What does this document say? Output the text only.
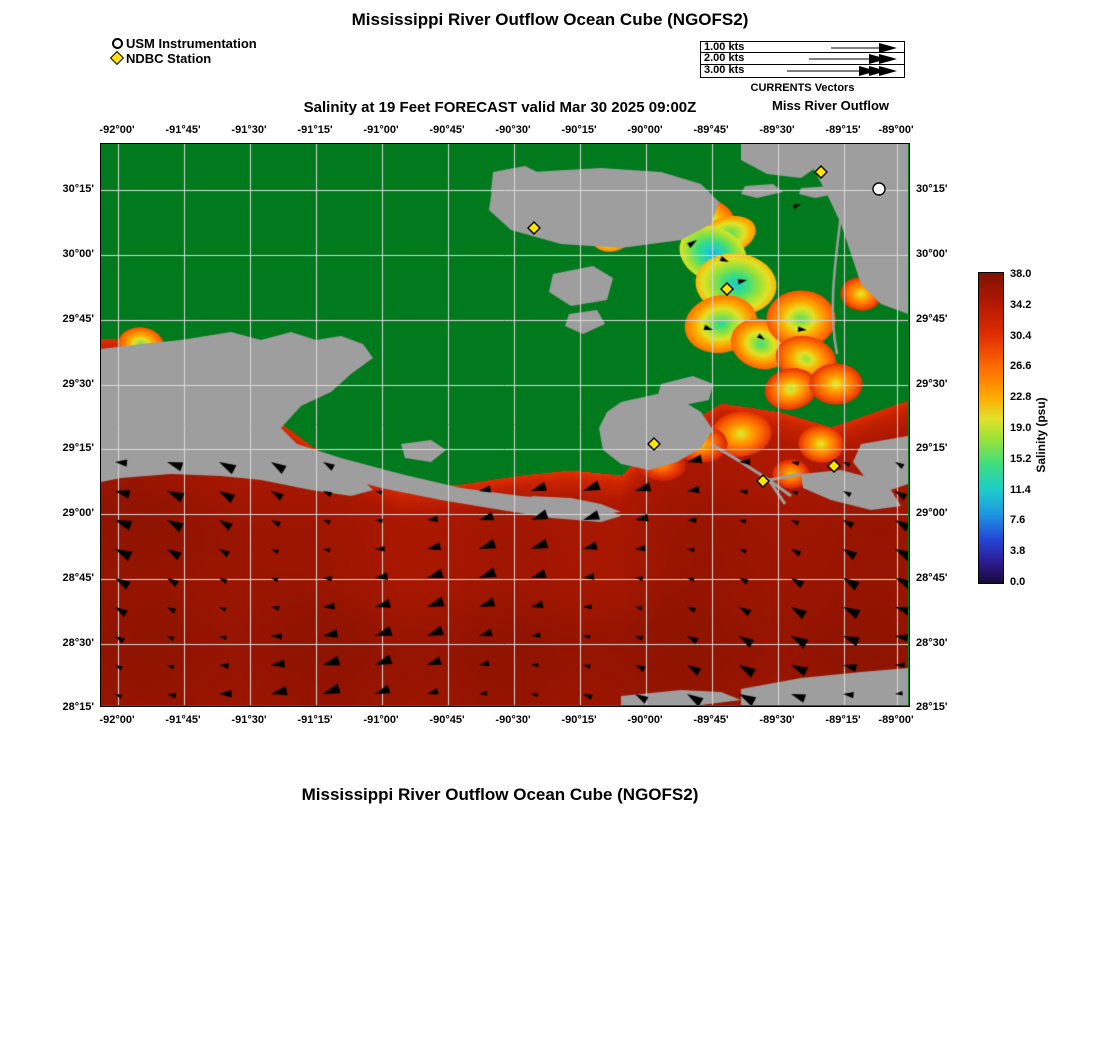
Mississippi River Outflow Ocean Cube (NGOFS2)
Salinity at 19 Feet FORECAST valid Mar 30 2025 09:00Z	Miss River Outflow
Mississippi River Outflow Ocean Cube (NGOFS2)
USM Instrumentation
NDBC Station
1.00 kts
2.00 kts
3.00 kts
CURRENTS Vectors
-92°00'	-91°45'	-91°30'	-91°15'	-91°00'	-90°45'	-90°30'	-90°15'	-90°00'	-89°45'	-89°30'	-89°15' -89°00'
-92°00'	-91°45'	-91°30'	-91°15'	-91°00'	-90°45'	-90°30'	-90°15'	-90°00'	-89°45'	-89°30'	-89°15' -89°00'
30°15'
30°00'
29°45'
29°30'
29°15'
29°00'
28°45'
28°30'
28°15'
30°15'
30°00'
29°45'
29°30'
29°15'
29°00'
28°45'
28°30'
28°15'
38.0
34.2
30.4
26.6
22.8
19.0
15.2
11.4
7.6
3.8
0.0
Salinity (psu)
